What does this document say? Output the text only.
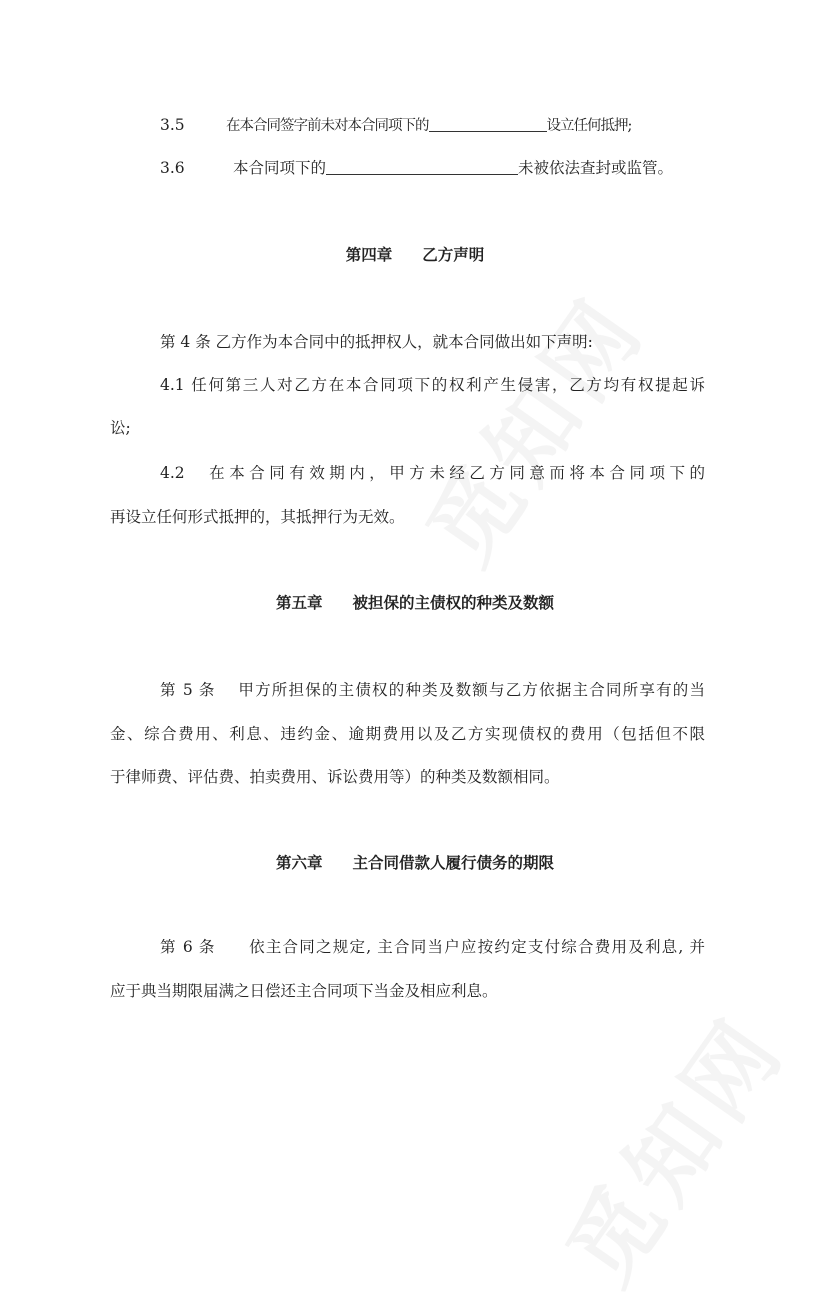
3.5	在本合同签字前未对本合同项下的	设立任何抵押;
3.6	本合同项下的	未被依法查封或监管。
第四章 乙方声明
第 4 条 乙方作为本合同中的抵押权人，就本合同做出如下声明:
4.1 任何第三人对乙方在本合同项下的权利产生侵害，乙方均有权提起诉
讼;
4.2　在本合同有效期内，甲方未经乙方同意而将本合同项下的
再设立任何形式抵押的，其抵押行为无效。
第五章 被担保的主债权的种类及数额
第 5 条　 甲方所担保的主债权的种类及数额与乙方依据主合同所享有的当
金、综合费用、利息、违约金、逾期费用以及乙方实现债权的费用（包括但不限
于律师费、评估费、拍卖费用、诉讼费用等）的种类及数额相同。
第六章 主合同借款人履行债务的期限
第 6 条　　依主合同之规定, 主合同当户应按约定支付综合费用及利息, 并
应于典当期限届满之日偿还主合同项下当金及相应利息。
